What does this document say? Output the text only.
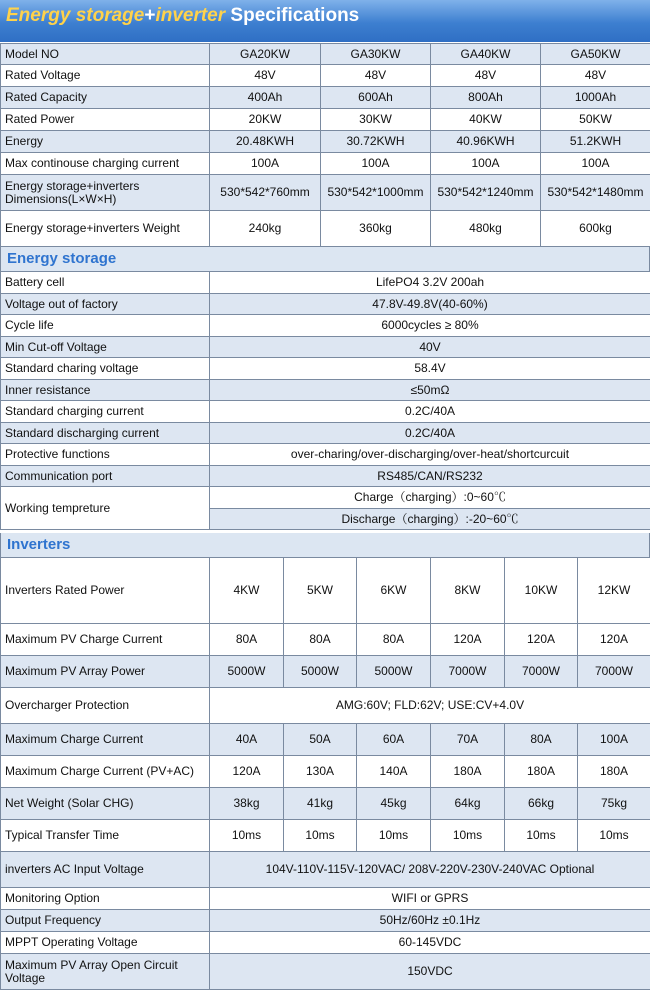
Energy storage+inverter Specifications
Model NO	GA20KW	GA30KW	GA40KW	GA50KW
Rated Voltage	48V	48V	48V	48V
Rated Capacity	400Ah	600Ah	800Ah	1000Ah
Rated Power	20KW	30KW	40KW	50KW
Energy	20.48KWH	30.72KWH	40.96KWH	51.2KWH
Max continouse charging current	100A	100A	100A	100A
Energy storage+inverters Dimensions(L×W×H)	530*542*760mm	530*542*1000mm	530*542*1240mm	530*542*1480mm
Energy storage+inverters Weight	240kg	360kg	480kg	600kg
Energy storage
Battery cell	LifePO4 3.2V 200ah
Voltage out of factory	47.8V-49.8V(40-60%)
Cycle life	6000cycles ≥ 80%
Min Cut-off Voltage	40V
Standard charing voltage	58.4V
Inner resistance	≤50mΩ
Standard charging current	0.2C/40A
Standard discharging current	0.2C/40A
Protective functions	over-charing/over-discharging/over-heat/shortcurcuit
Communication port	RS485/CAN/RS232
Working tempreture	Charge（charging）:0~60℃
	Discharge（charging）:-20~60℃
Inverters
Inverters Rated Power	4KW	5KW	6KW	8KW	10KW	12KW
Maximum PV Charge Current	80A	80A	80A	120A	120A	120A
Maximum PV Array Power	5000W	5000W	5000W	7000W	7000W	7000W
Overcharger Protection	AMG:60V; FLD:62V; USE:CV+4.0V					
Maximum Charge Current	40A	50A	60A	70A	80A	100A
Maximum Charge Current (PV+AC)	120A	130A	140A	180A	180A	180A
Net Weight (Solar CHG)	38kg	41kg	45kg	64kg	66kg	75kg
Typical Transfer Time	10ms	10ms	10ms	10ms	10ms	10ms
inverters AC Input Voltage	104V-110V-115V-120VAC/ 208V-220V-230V-240VAC Optional					
Monitoring Option	WIFI or GPRS					
Output Frequency	50Hz/60Hz ±0.1Hz					
MPPT Operating Voltage	60-145VDC					
Maximum PV Array Open Circuit Voltage	150VDC					
